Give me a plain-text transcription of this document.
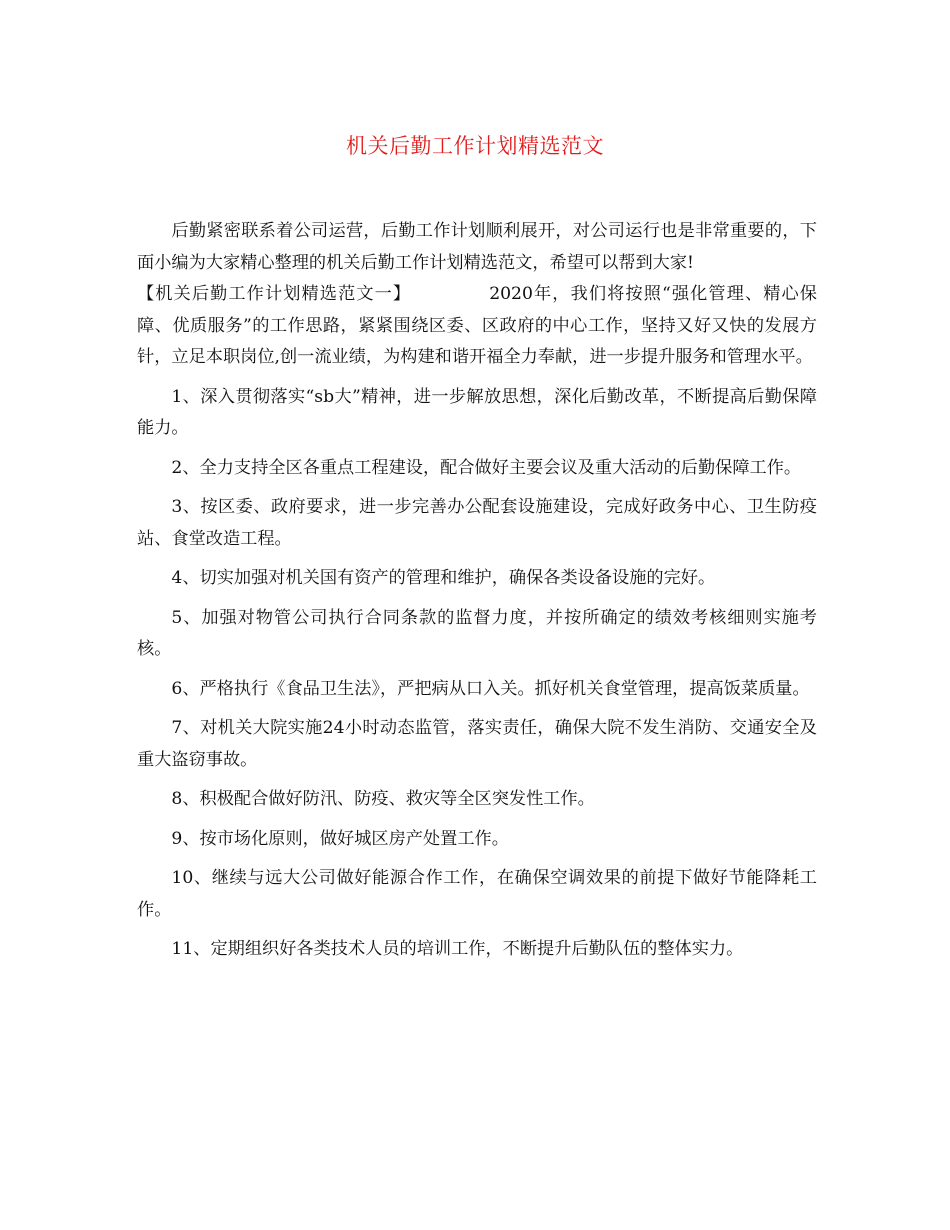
机关后勤工作计划精选范文

后勤紧密联系着公司运营，后勤工作计划顺利展开，对公司运行也是非常重要的，下面小编为大家精心整理的机关后勤工作计划精选范文，希望可以帮到大家!
【机关后勤工作计划精选范文一】	2020年，我们将按照“强化管理、精心保障、优质服务”的工作思路，紧紧围绕区委、区政府的中心工作，坚持又好又快的发展方针，立足本职岗位,创一流业绩，为构建和谐开福全力奉献，进一步提升服务和管理水平。

1、深入贯彻落实“sb大”精神，进一步解放思想，深化后勤改革，不断提高后勤保障能力。

2、全力支持全区各重点工程建设，配合做好主要会议及重大活动的后勤保障工作。

3、按区委、政府要求，进一步完善办公配套设施建设，完成好政务中心、卫生防疫站、食堂改造工程。

4、切实加强对机关国有资产的管理和维护，确保各类设备设施的完好。

5、加强对物管公司执行合同条款的监督力度，并按所确定的绩效考核细则实施考核。

6、严格执行《食品卫生法》，严把病从口入关。抓好机关食堂管理，提高饭菜质量。

7、对机关大院实施24小时动态监管，落实责任，确保大院不发生消防、交通安全及重大盗窃事故。

8、积极配合做好防汛、防疫、救灾等全区突发性工作。

9、按市场化原则，做好城区房产处置工作。

10、继续与远大公司做好能源合作工作，在确保空调效果的前提下做好节能降耗工作。

11、定期组织好各类技术人员的培训工作，不断提升后勤队伍的整体实力。
